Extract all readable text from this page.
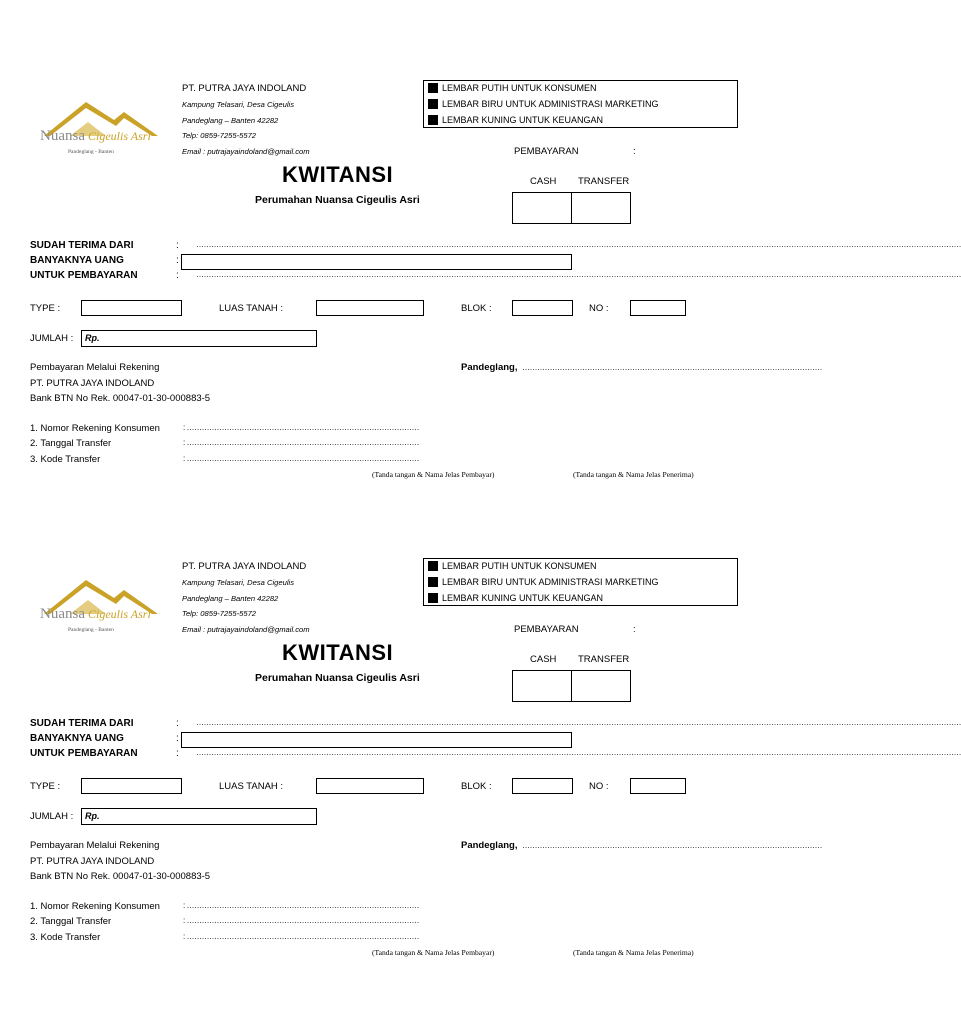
Nuansa Cigeulis Asri
Pandeglang - Banten
PT. PUTRA JAYA INDOLAND
Kampung Telasari, Desa Cigeulis
Pandeglang – Banten 42282
Telp: 0859-7255-5572
Email : putrajayaindoland@gmail.com
LEMBAR PUTIH UNTUK KONSUMEN
LEMBAR BIRU UNTUK ADMINISTRASI MARKETING
LEMBAR KUNING UNTUK KEUANGAN
PEMBAYARAN	:
KWITANSI
Perumahan Nuansa Cigeulis Asri
CASH TRANSFER
SUDAH TERIMA DARI	: ………………………………………………………………………………………………………………………………………………………………………………………………………………………………………………………………………………
BANYAKNYA UANG	:
UNTUK PEMBAYARAN	: ………………………………………………………………………………………………………………………………………………………………………………………………………………………………………………………………………………
TYPE :	LUAS TANAH :	BLOK :	NO :
JUMLAH : Rp.
Pembayaran Melalui Rekening
PT. PUTRA JAYA INDOLAND
Bank BTN No Rek. 00047-01-30-000883-5
Pandeglang, …………………………………………………………………………………………………………
1. Nomor Rekening Konsumen	: …………………………………………………………………………………
2. Tanggal Transfer	: …………………………………………………………………………………
3. Kode Transfer	: …………………………………………………………………………………
(Tanda tangan & Nama Jelas Pembayar)	(Tanda tangan & Nama Jelas Penerima)
Nuansa Cigeulis Asri
Pandeglang - Banten
PT. PUTRA JAYA INDOLAND
Kampung Telasari, Desa Cigeulis
Pandeglang – Banten 42282
Telp: 0859-7255-5572
Email : putrajayaindoland@gmail.com
LEMBAR PUTIH UNTUK KONSUMEN
LEMBAR BIRU UNTUK ADMINISTRASI MARKETING
LEMBAR KUNING UNTUK KEUANGAN
PEMBAYARAN	:
KWITANSI
Perumahan Nuansa Cigeulis Asri
CASH TRANSFER
SUDAH TERIMA DARI	: ………………………………………………………………………………………………………………………………………………………………………………………………………………………………………………………………………………
BANYAKNYA UANG	:
UNTUK PEMBAYARAN	: ………………………………………………………………………………………………………………………………………………………………………………………………………………………………………………………………………………
TYPE :	LUAS TANAH :	BLOK :	NO :
JUMLAH : Rp.
Pembayaran Melalui Rekening
PT. PUTRA JAYA INDOLAND
Bank BTN No Rek. 00047-01-30-000883-5
Pandeglang, …………………………………………………………………………………………………………
1. Nomor Rekening Konsumen	: …………………………………………………………………………………
2. Tanggal Transfer	: …………………………………………………………………………………
3. Kode Transfer	: …………………………………………………………………………………
(Tanda tangan & Nama Jelas Pembayar)	(Tanda tangan & Nama Jelas Penerima)
